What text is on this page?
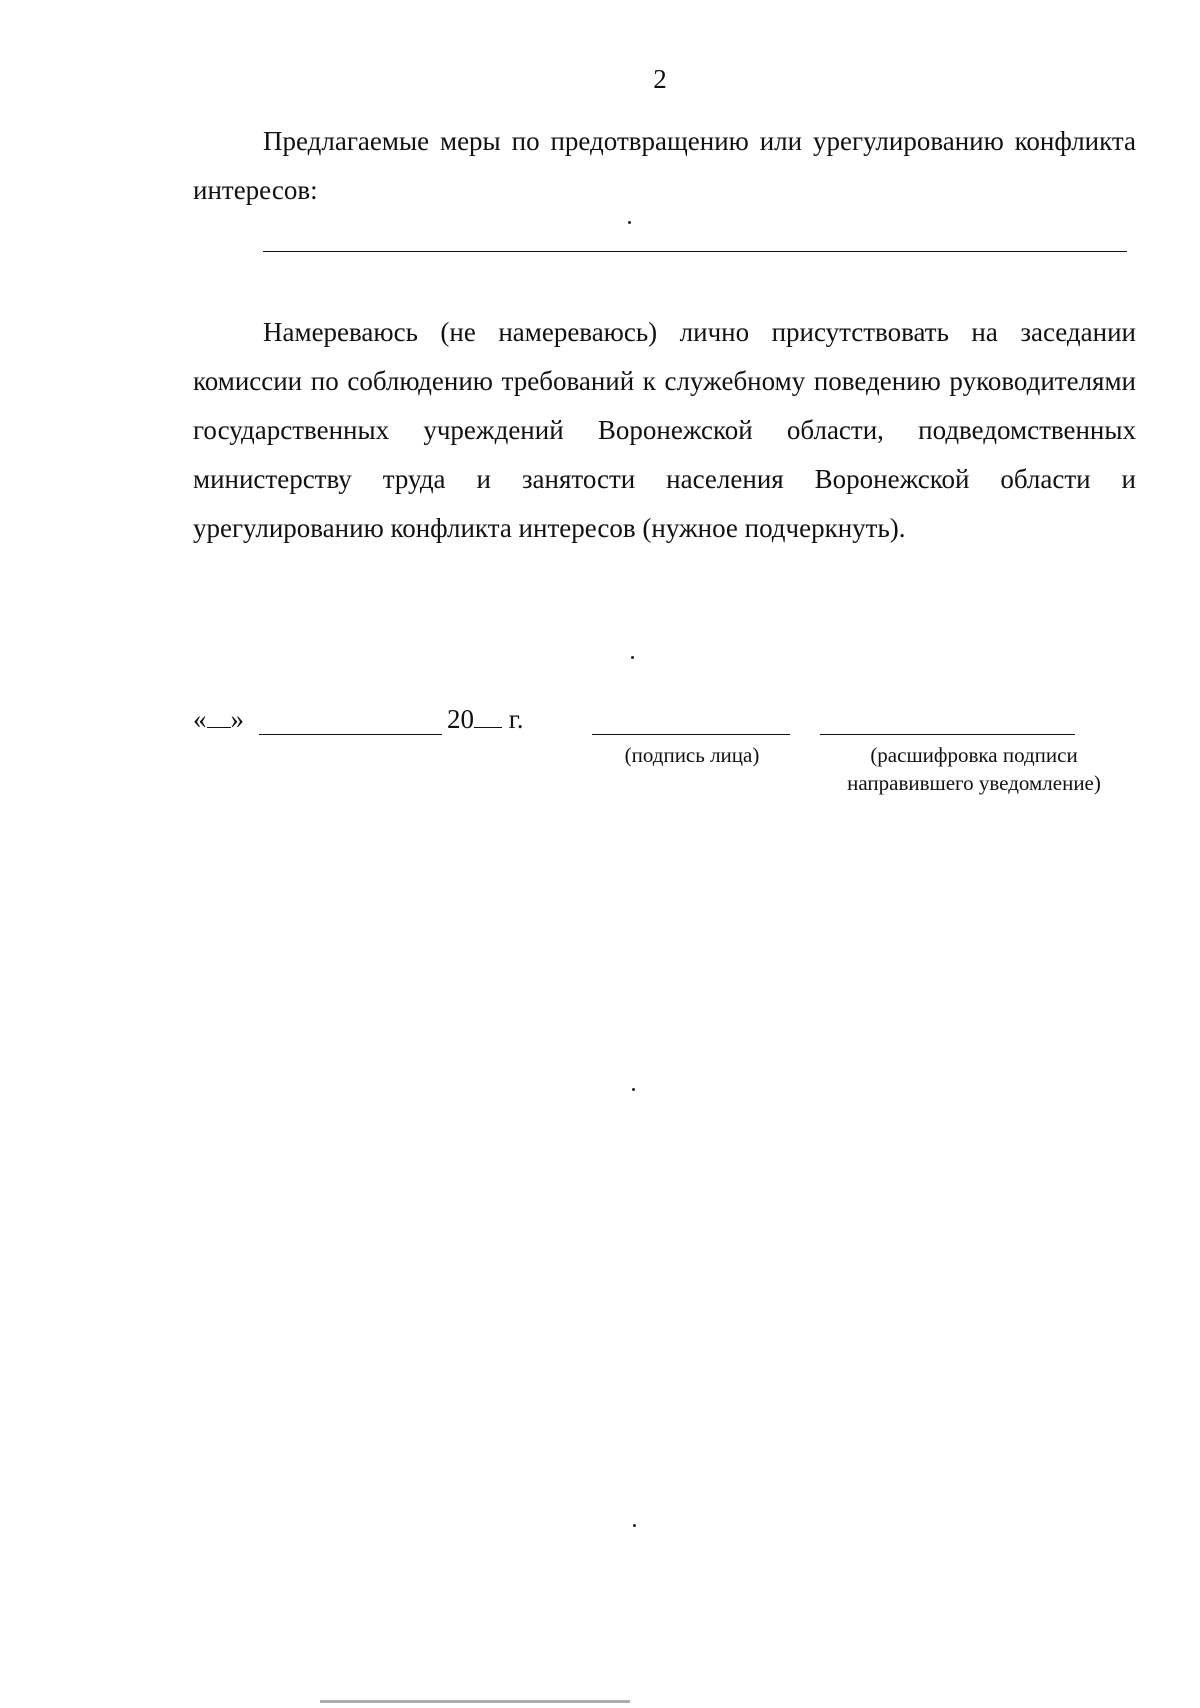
2

Предлагаемые меры по предотвращению или урегулированию конфликта интересов:

Намереваюсь (не намереваюсь) лично присутствовать на заседании комиссии по соблюдению требований к служебному поведению руководителями государственных учреждений Воронежской области, подведомственных министерству труда и занятости населения Воронежской области и урегулированию конфликта интересов (нужное подчеркнуть).

« »	20 г.
(подпись лица)	(расшифровка подписи направившего уведомление)
